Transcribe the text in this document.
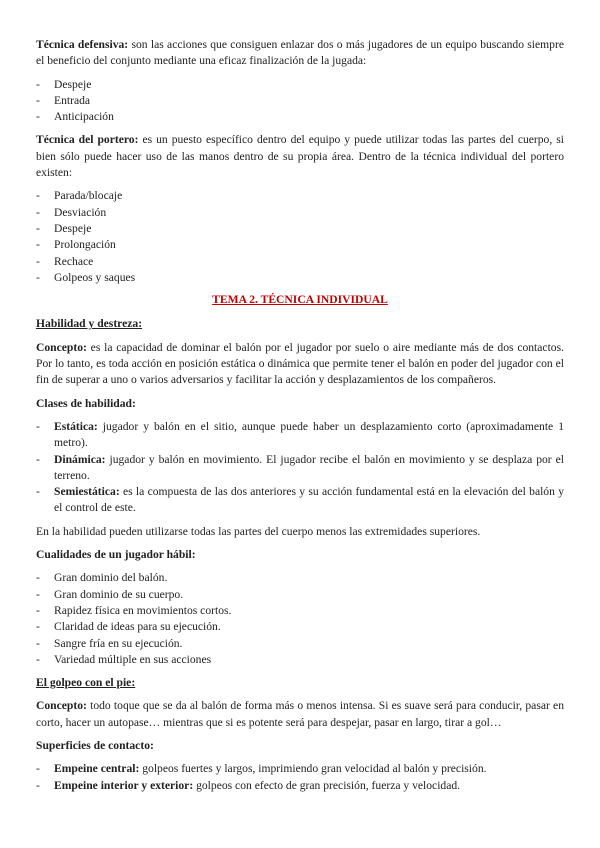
Técnica defensiva: son las acciones que consiguen enlazar dos o más jugadores de un equipo buscando siempre el beneficio del conjunto mediante una eficaz finalización de la jugada:

- Despeje
- Entrada
- Anticipación

Técnica del portero: es un puesto específico dentro del equipo y puede utilizar todas las partes del cuerpo, si bien sólo puede hacer uso de las manos dentro de su propia área. Dentro de la técnica individual del portero existen:

- Parada/blocaje
- Desviación
- Despeje
- Prolongación
- Rechace
- Golpeos y saques
TEMA 2. TÉCNICA INDIVIDUAL

Habilidad y destreza:

Concepto: es la capacidad de dominar el balón por el jugador por suelo o aire mediante más de dos contactos. Por lo tanto, es toda acción en posición estática o dinámica que permite tener el balón en poder del jugador con el fin de superar a uno o varios adversarios y facilitar la acción y desplazamientos de los compañeros.

Clases de habilidad:

- Estática: jugador y balón en el sitio, aunque puede haber un desplazamiento corto (aproximadamente 1 metro).
- Dinámica: jugador y balón en movimiento. El jugador recibe el balón en movimiento y se desplaza por el terreno.
- Semiestática: es la compuesta de las dos anteriores y su acción fundamental está en la elevación del balón y el control de este.

En la habilidad pueden utilizarse todas las partes del cuerpo menos las extremidades superiores.

Cualidades de un jugador hábil:

- Gran dominio del balón.
- Gran dominio de su cuerpo.
- Rapidez física en movimientos cortos.
- Claridad de ideas para su ejecución.
- Sangre fría en su ejecución.
- Variedad múltiple en sus acciones

El golpeo con el pie:

Concepto: todo toque que se da al balón de forma más o menos intensa. Si es suave será para conducir, pasar en corto, hacer un autopase… mientras que si es potente será para despejar, pasar en largo, tirar a gol…

Superficies de contacto:

- Empeine central: golpeos fuertes y largos, imprimiendo gran velocidad al balón y precisión.
- Empeine interior y exterior: golpeos con efecto de gran precisión, fuerza y velocidad.
